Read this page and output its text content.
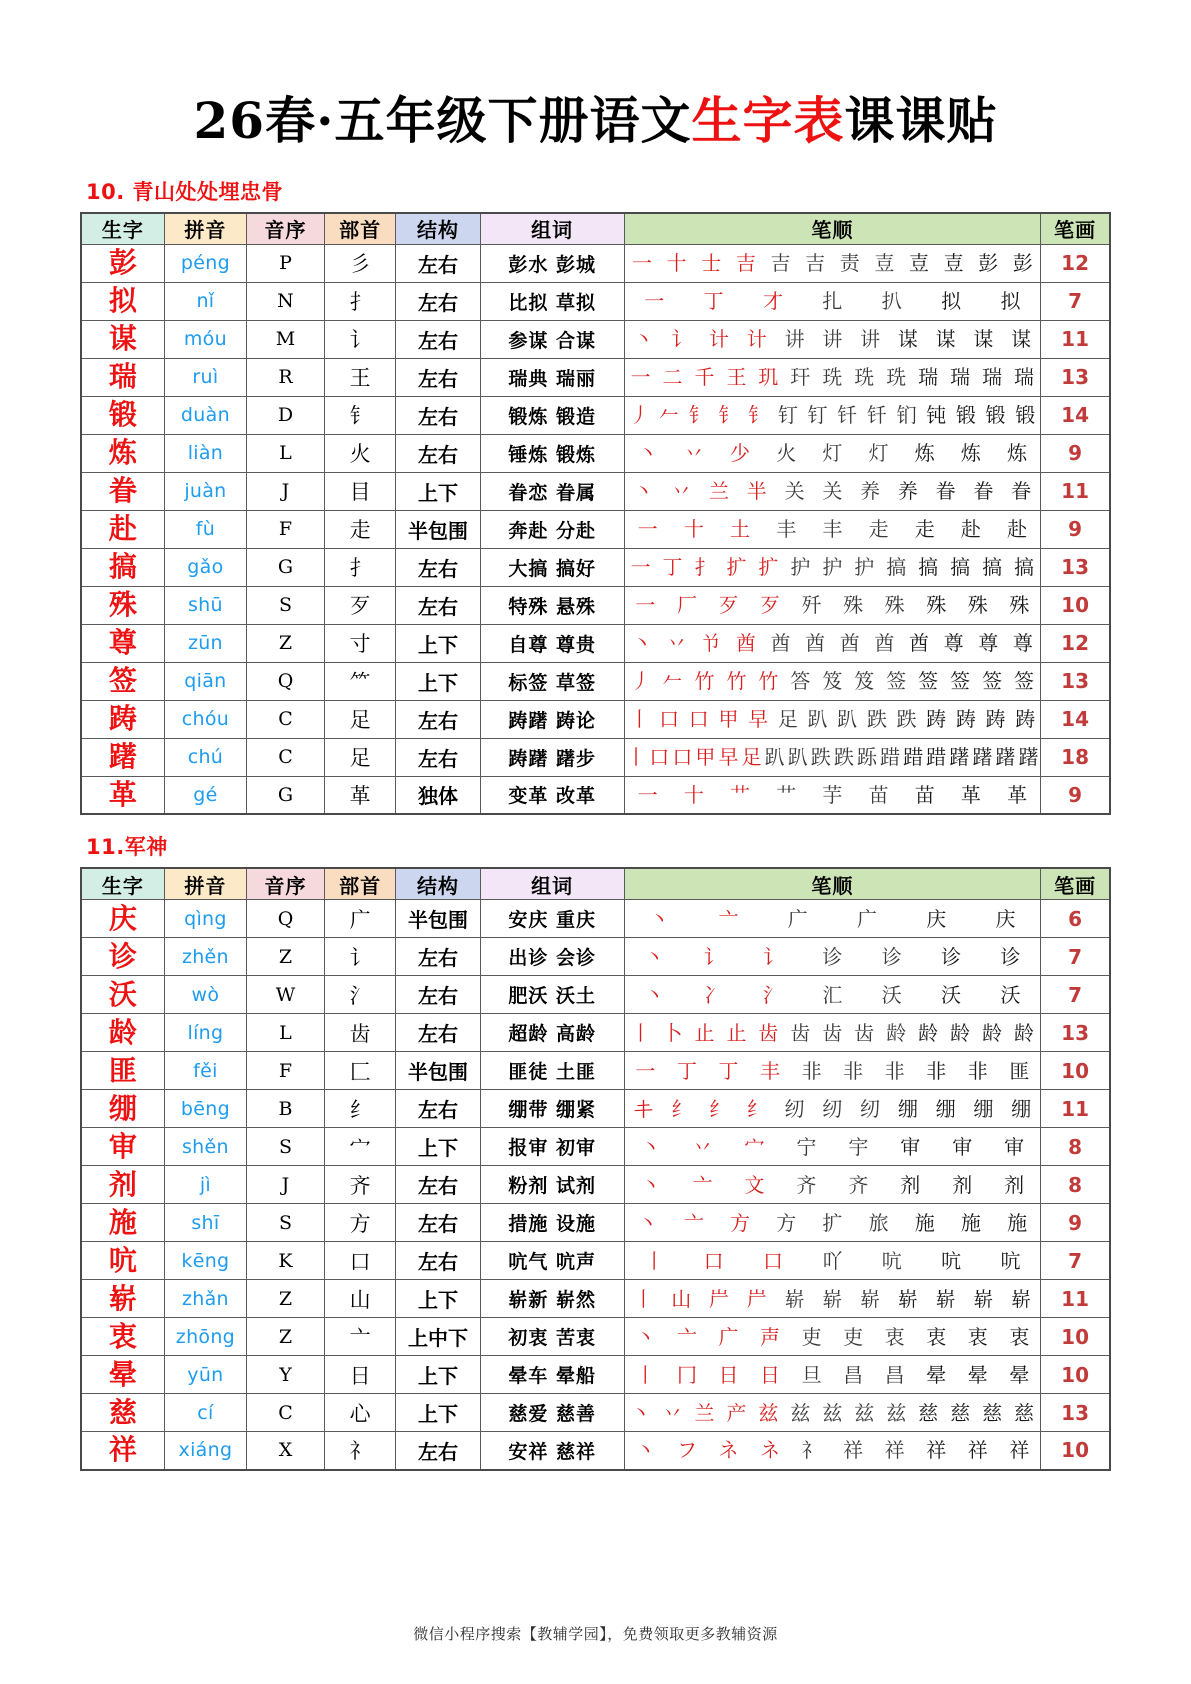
26春·五年级下册语文生字表课课贴
10. 青山处处埋忠骨
生字	拼音	音序	部首	结构	组词	笔顺	笔画
彭	péng	P	彡	左右	彭水 彭城	一 十 士 吉 吉 吉 责 壴 壴 壴 彭 彭	12
拟	nǐ	N	扌	左右	比拟 草拟	一 丁 才 扎 扒 拟 拟	7
谋	móu	M	讠	左右	参谋 合谋	丶 讠 计 计 讲 讲 讲 谋 谋 谋 谋	11
瑞	ruì	R	王	左右	瑞典 瑞丽	一 二 千 王 玑 玕 珗 珗 珗 瑞 瑞 瑞 瑞	13
锻	duàn	D	钅	左右	锻炼 锻造	丿 𠂉 钅 钅 钅 钉 钉 钎 钎 钔 钝 锻 锻 锻	14
炼	liàn	L	火	左右	锤炼 锻炼	丶 丷 少 火 灯 灯 炼 炼 炼	9
眷	juàn	J	目	上下	眷恋 眷属	丶 丷 兰 半 关 关 养 养 眷 眷 眷	11
赴	fù	F	走	半包围	奔赴 分赴	一 十 土 丰 丰 走 走 赴 赴	9
搞	gǎo	G	扌	左右	大搞 搞好	一 丁 扌 扩 扩 护 护 护 搞 搞 搞 搞 搞	13
殊	shū	S	歹	左右	特殊 悬殊	一 厂 歹 歹 歼 殊 殊 殊 殊 殊	10
尊	zūn	Z	寸	上下	自尊 尊贵	丶 丷 兯 酋 酋 酋 酋 酋 酋 尊 尊 尊	12
签	qiān	Q	⺮	上下	标签 草签	丿 𠂉 竹 竹 竹 答 笈 笈 签 签 签 签 签	13
踌	chóu	C	足	左右	踌躇 踌论	丨 口 口 甲 早 足 趴 趴 跌 跌 踌 踌 踌 踌	14
躇	chú	C	足	左右	踌躇 躇步	丨 口 口 甲 早 足 趴 趴 跌 跌 跞 踖 踖 踖 躇 躇 躇 躇	18
革	gé	G	革	独体	变革 改革	一 十 艹 艹 芋 苗 苗 革 革	9
11.军神
生字	拼音	音序	部首	结构	组词	笔顺	笔画
庆	qìng	Q	广	半包围	安庆 重庆	丶 亠 广 广 庆 庆	6
诊	zhěn	Z	讠	左右	出诊 会诊	丶 讠 讠 诊 诊 诊 诊	7
沃	wò	W	氵	左右	肥沃 沃土	丶 冫 氵 汇 沃 沃 沃	7
龄	líng	L	齿	左右	超龄 高龄	丨 卜 止 止 齿 齿 齿 齿 龄 龄 龄 龄 龄	13
匪	fěi	F	匚	半包围	匪徒 土匪	一 丁 丁 丰 非 非 非 非 非 匪	10
绷	bēng	B	纟	左右	绷带 绷紧	𰀁 纟 纟 纟 纫 纫 纫 绷 绷 绷 绷	11
审	shěn	S	宀	上下	报审 初审	丶 丷 宀 宁 宇 审 审 审	8
剂	jì	J	齐	左右	粉剂 试剂	丶 亠 文 齐 齐 剂 剂 剂	8
施	shī	S	方	左右	措施 设施	丶 亠 方 方 扩 旅 施 施 施	9
吭	kēng	K	口	左右	吭气 吭声	丨 口 口 吖 吭 吭 吭	7
崭	zhǎn	Z	山	上下	崭新 崭然	丨 山 屵 屵 崭 崭 崭 崭 崭 崭 崭	11
衷	zhōng	Z	亠	上中下	初衷 苦衷	丶 亠 广 声 吏 吏 衷 衷 衷 衷	10
晕	yūn	Y	日	上下	晕车 晕船	丨 冂 日 日 旦 昌 昌 晕 晕 晕	10
慈	cí	C	心	上下	慈爱 慈善	丶 丷 兰 产 兹 兹 兹 兹 兹 慈 慈 慈 慈	13
祥	xiáng	X	礻	左右	安祥 慈祥	丶 フ ネ ネ 礻 祥 祥 祥 祥 祥	10
微信小程序搜索【教辅学园】，免费领取更多教辅资源
